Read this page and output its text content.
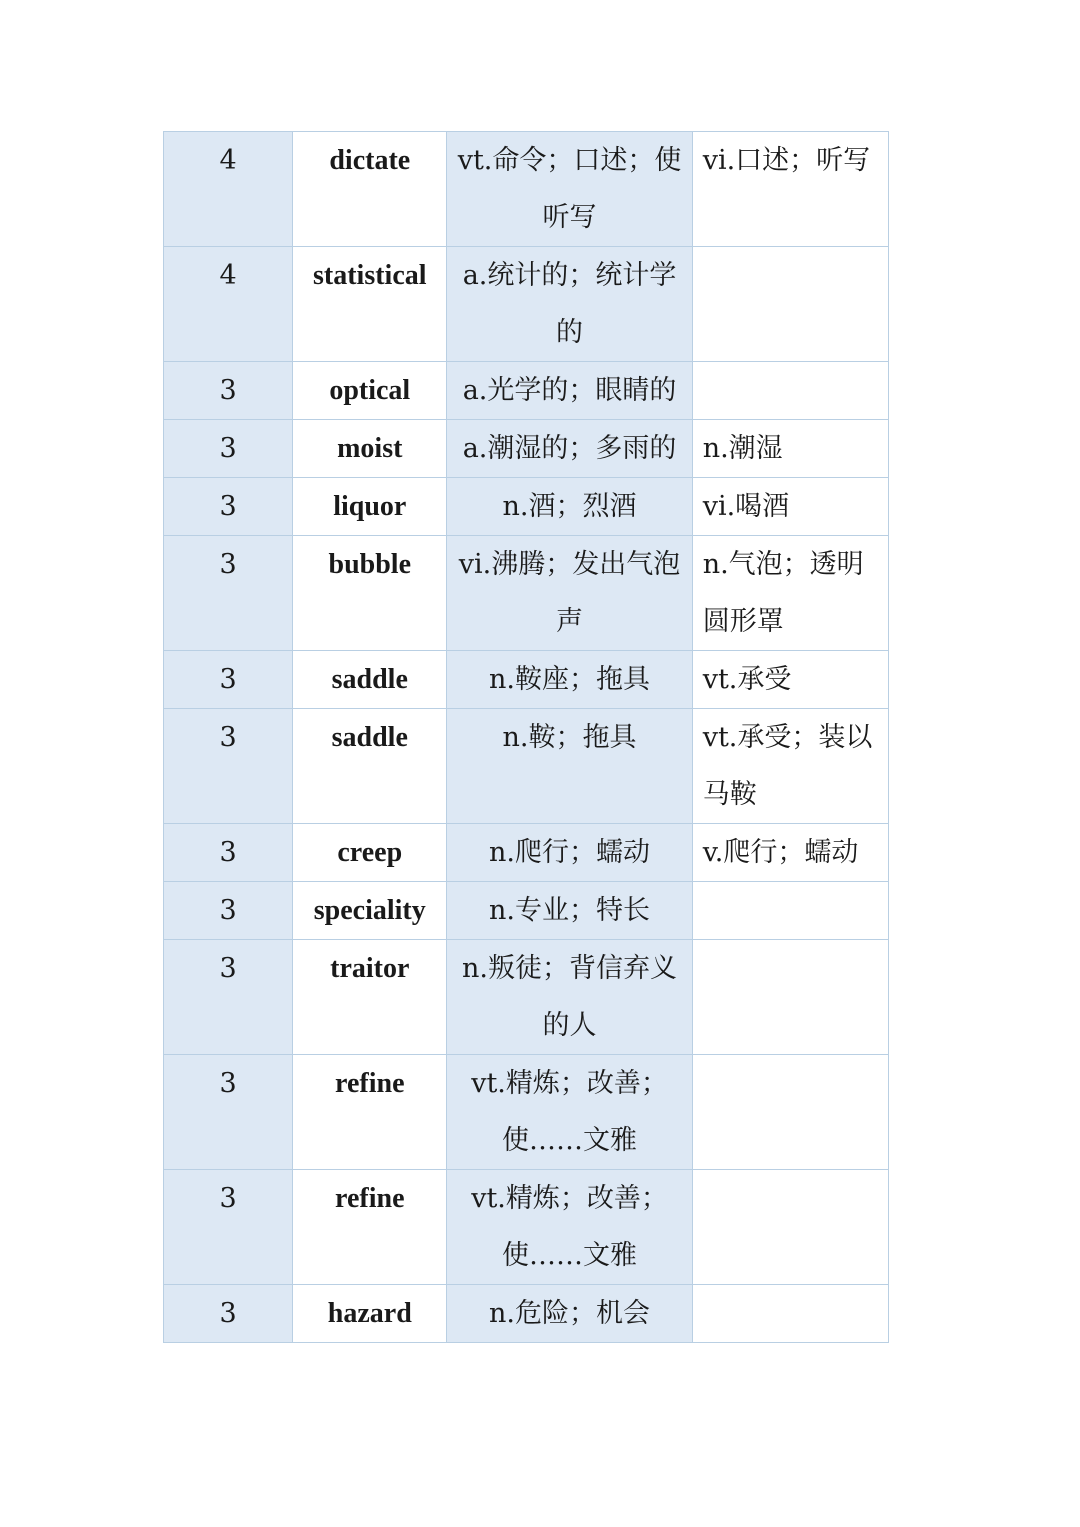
4	dictate	vt.命令；口述；使听写	vi.口述；听写
4	statistical	a.统计的；统计学的	
3	optical	a.光学的；眼睛的	
3	moist	a.潮湿的；多雨的	n.潮湿
3	liquor	n.酒；烈酒	vi.喝酒
3	bubble	vi.沸腾；发出气泡声	n.气泡；透明圆形罩
3	saddle	n.鞍座；拖具	vt.承受
3	saddle	n.鞍；拖具	vt.承受；装以马鞍
3	creep	n.爬行；蠕动	v.爬行；蠕动
3	speciality	n.专业；特长	
3	traitor	n.叛徒；背信弃义的人	
3	refine	vt.精炼；改善；使……文雅	
3	refine	vt.精炼；改善；使……文雅	
3	hazard	n.危险；机会	
